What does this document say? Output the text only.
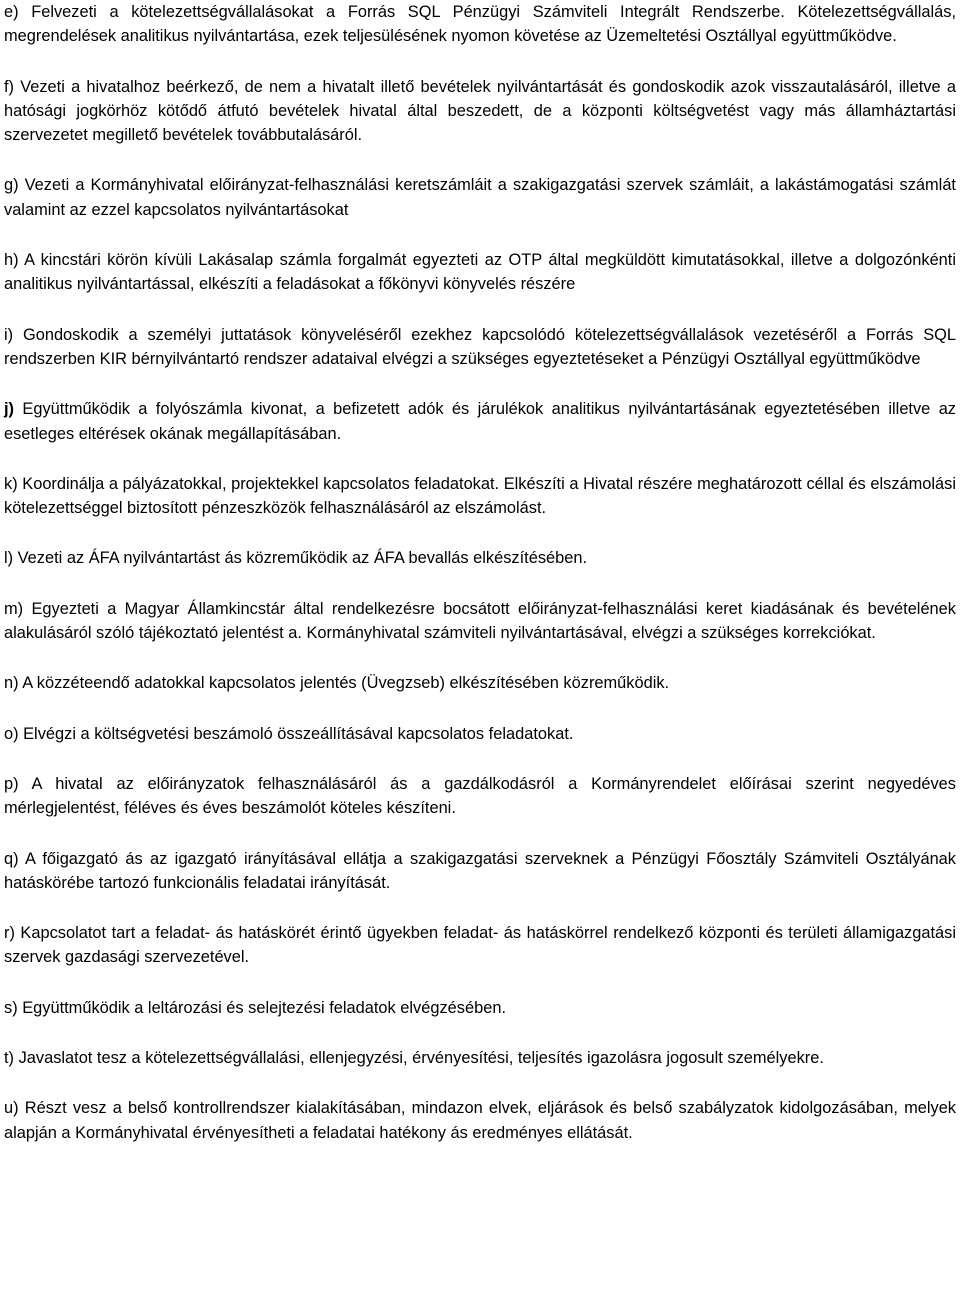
e) Felvezeti a kötelezettségvállalásokat a Forrás SQL Pénzügyi Számviteli Integrált Rendszerbe. Kötelezettségvállalás, megrendelések analitikus nyilvántartása, ezek teljesülésének nyomon követése az Üzemeltetési Osztállyal együttműködve.

f) Vezeti a hivatalhoz beérkező, de nem a hivatalt illető bevételek nyilvántartását és gondoskodik azok visszautalásáról, illetve a hatósági jogkörhöz kötődő átfutó bevételek hivatal által beszedett, de a központi költségvetést vagy más államháztartási szervezetet megillető bevételek továbbutalásáról.

g) Vezeti a Kormányhivatal előirányzat-felhasználási keretszámláit a szakigazgatási szervek számláit, a lakástámogatási számlát valamint az ezzel kapcsolatos nyilvántartásokat

h) A kincstári körön kívüli Lakásalap számla forgalmát egyezteti az OTP által megküldött kimutatásokkal, illetve a dolgozónkénti analitikus nyilvántartással, elkészíti a feladásokat a főkönyvi könyvelés részére

i) Gondoskodik a személyi juttatások könyveléséről ezekhez kapcsolódó kötelezettségvállalások vezetéséről a Forrás SQL rendszerben KIR bérnyilvántartó rendszer adataival elvégzi a szükséges egyeztetéseket a Pénzügyi Osztállyal együttműködve

j) Együttműködik a folyószámla kivonat, a befizetett adók és járulékok analitikus nyilvántartásának egyeztetésében illetve az esetleges eltérések okának megállapításában.

k) Koordinálja a pályázatokkal, projektekkel kapcsolatos feladatokat. Elkészíti a Hivatal részére meghatározott céllal és elszámolási kötelezettséggel biztosított pénzeszközök felhasználásáról az elszámolást.

l) Vezeti az ÁFA nyilvántartást ás közreműködik az ÁFA bevallás elkészítésében.

m) Egyezteti a Magyar Államkincstár által rendelkezésre bocsátott előirányzat-felhasználási keret kiadásának és bevételének alakulásáról szóló tájékoztató jelentést a. Kormányhivatal számviteli nyilvántartásával, elvégzi a szükséges korrekciókat.

n) A közzéteendő adatokkal kapcsolatos jelentés (Üvegzseb) elkészítésében közreműködik.

o) Elvégzi a költségvetési beszámoló összeállításával kapcsolatos feladatokat.

p) A hivatal az előirányzatok felhasználásáról ás a gazdálkodásról a Kormányrendelet előírásai szerint negyedéves mérlegjelentést, féléves és éves beszámolót köteles készíteni.

q) A főigazgató ás az igazgató irányításával ellátja a szakigazgatási szerveknek a Pénzügyi Főosztály Számviteli Osztályának hatáskörébe tartozó funkcionális feladatai irányítását.

r) Kapcsolatot tart a feladat- ás hatáskörét érintő ügyekben feladat- ás hatáskörrel rendelkező központi és területi államigazgatási szervek gazdasági szervezetével.

s) Együttműködik a leltározási és selejtezési feladatok elvégzésében.

t) Javaslatot tesz a kötelezettségvállalási, ellenjegyzési, érvényesítési, teljesítés igazolásra jogosult személyekre.

u) Részt vesz a belső kontrollrendszer kialakításában, mindazon elvek, eljárások és belső szabályzatok kidolgozásában, melyek alapján a Kormányhivatal érvényesítheti a feladatai hatékony ás eredményes ellátását.
